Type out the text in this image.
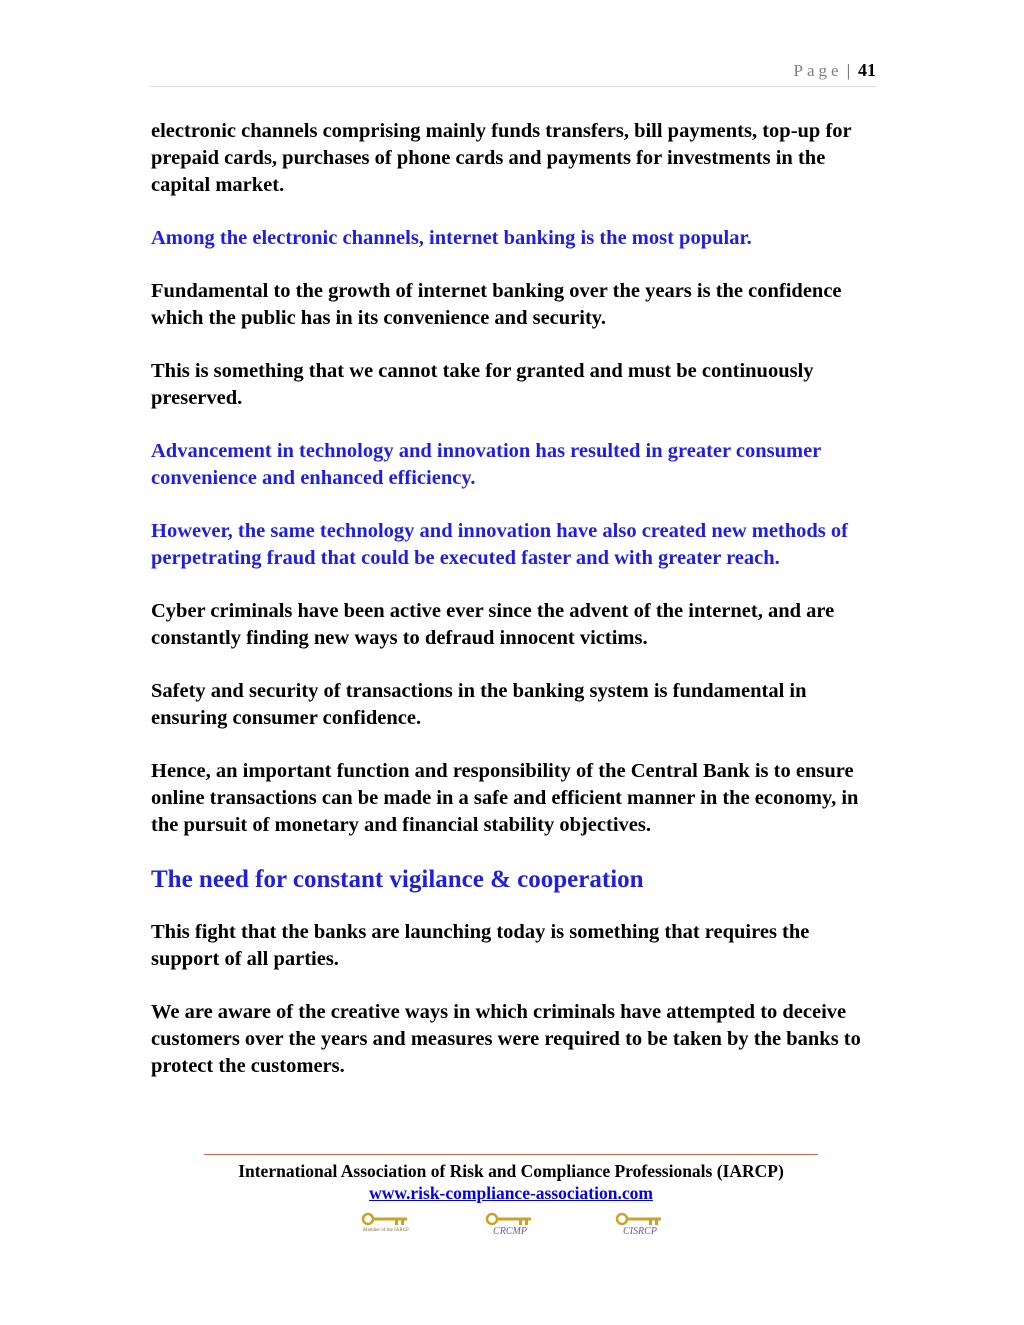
Page | 41

electronic channels comprising mainly funds transfers, bill payments, top-up for prepaid cards, purchases of phone cards and payments for investments in the capital market.

Among the electronic channels, internet banking is the most popular.

Fundamental to the growth of internet banking over the years is the confidence which the public has in its convenience and security.

This is something that we cannot take for granted and must be continuously preserved.

Advancement in technology and innovation has resulted in greater consumer convenience and enhanced efficiency.

However, the same technology and innovation have also created new methods of perpetrating fraud that could be executed faster and with greater reach.

Cyber criminals have been active ever since the advent of the internet, and are constantly finding new ways to defraud innocent victims.

Safety and security of transactions in the banking system is fundamental in ensuring consumer confidence.

Hence, an important function and responsibility of the Central Bank is to ensure online transactions can be made in a safe and efficient manner in the economy, in the pursuit of monetary and financial stability objectives.

The need for constant vigilance & cooperation

This fight that the banks are launching today is something that requires the support of all parties.

We are aware of the creative ways in which criminals have attempted to deceive customers over the years and measures were required to be taken by the banks to protect the customers.

International Association of Risk and Compliance Professionals (IARCP)
www.risk-compliance-association.com
Member of the IARCP	CRCMP	CISRCP
